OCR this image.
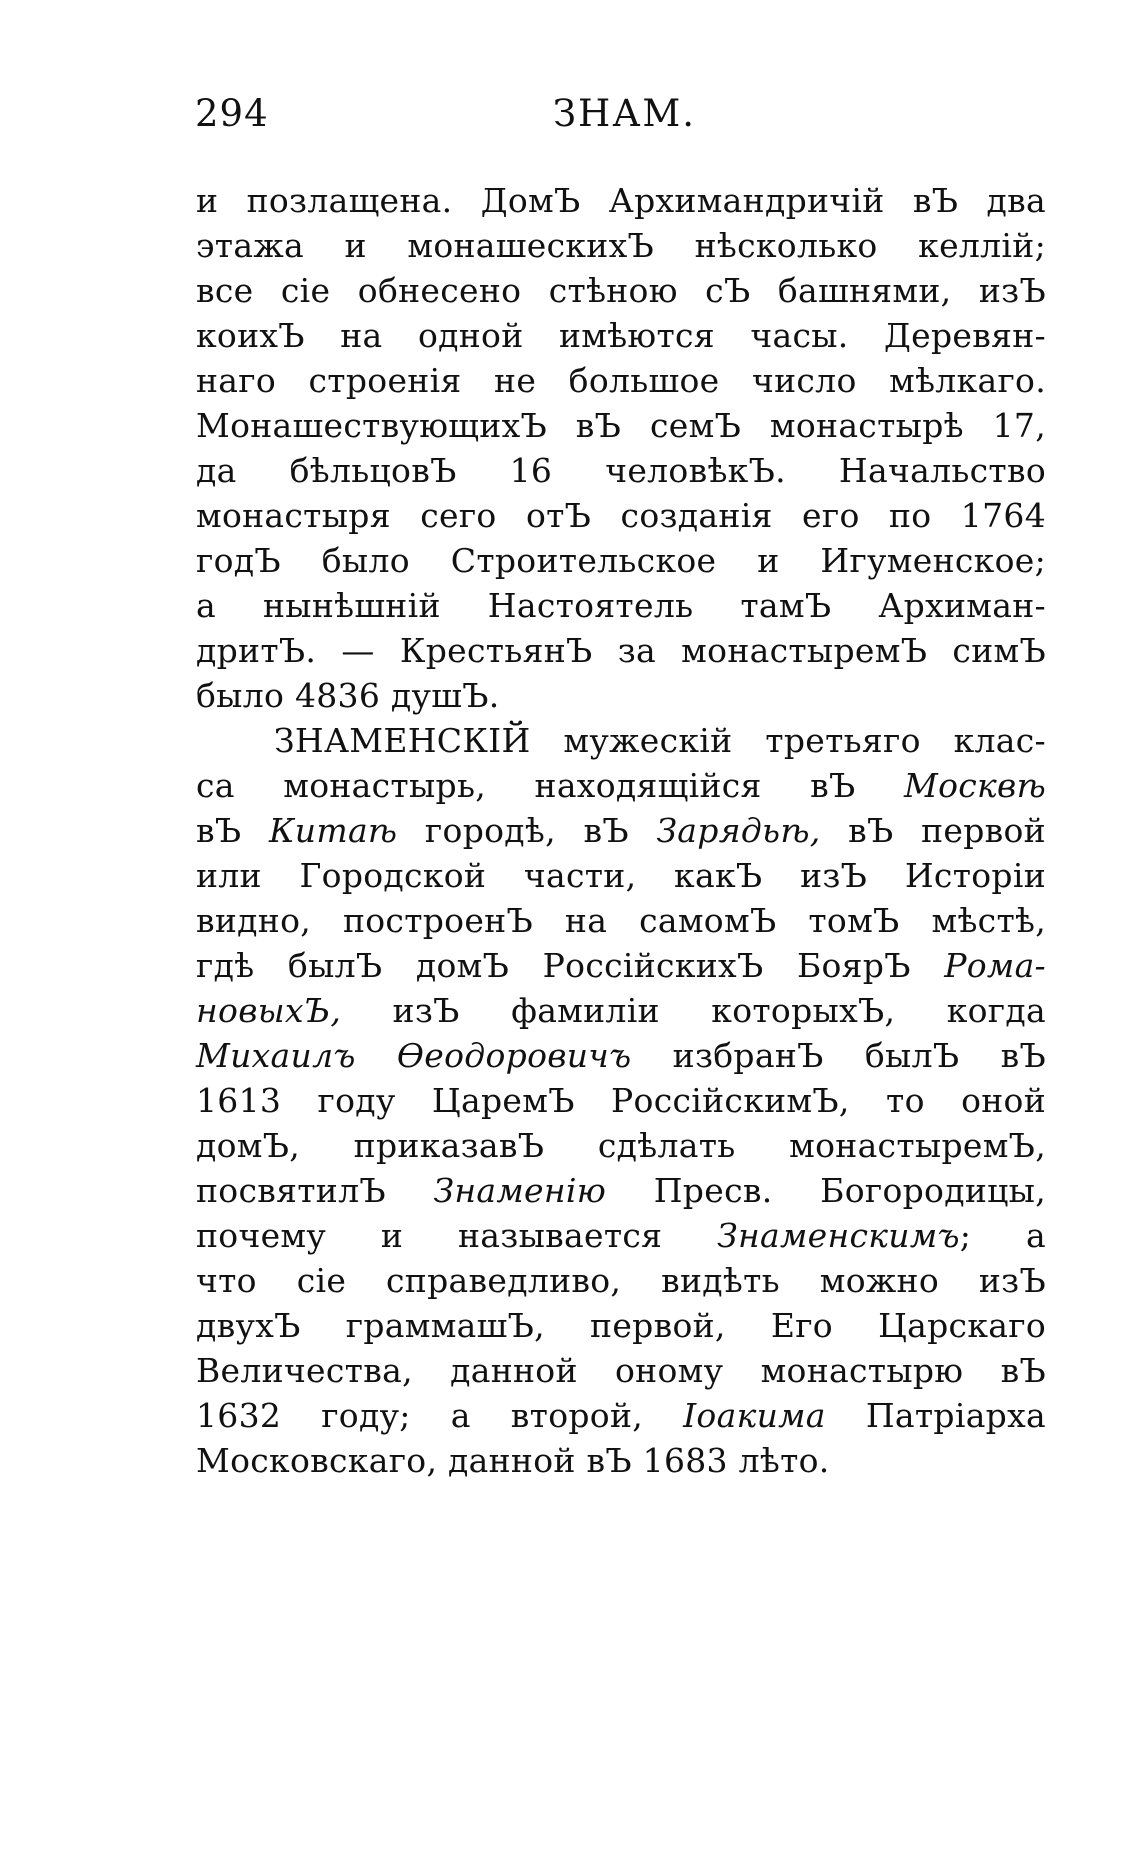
294	ЗНАМ.
и позлащена. ДомЪ Архимандричій вЪ два
этажа и монашескихЪ нѣсколько келлій;
все сіе обнесено стѣною сЪ башнями, изЪ
коихЪ на одной имѣются часы. Деревян-
наго строенія не большое число мѣлкаго.
МонашествующихЪ вЪ семЪ монастырѣ 17,
да бѣльцовЪ 16 человѣкЪ. Начальство
монастыря сего отЪ созданія его по 1764
годЪ было Строительское и Игуменское;
а нынѣшній Настоятель тамЪ Архиман-
дритЪ. — КрестьянЪ за монастыремЪ симЪ
было 4836 душЪ.
ЗНАМЕНСКІЙ мужескій третьяго клас-
са монастырь, находящійся вЪ Москвѣ
вЪ Китаѣ городѣ, вЪ Зарядьѣ, вЪ первой
или Городской части, какЪ изЪ Исторіи
видно, построенЪ на самомЪ томЪ мѣстѣ,
гдѣ былЪ домЪ РоссійскихЪ БоярЪ Рома-
новыхЪ, изЪ фамиліи которыхЪ, когда
Михаилъ Ѳеодоровичъ избранЪ былЪ вЪ
1613 году ЦаремЪ РоссійскимЪ, то оной
домЪ, приказавЪ сдѣлать монастыремЪ,
посвятилЪ Знаменію Пресв. Богородицы,
почему и называется Знаменскимъ; а
что сіе справедливо, видѣть можно изЪ
двухЪ граммашЪ, первой, Его Царскаго
Величества, данной оному монастырю вЪ
1632 году; а второй, Іоакима Патріарха
Московскаго, данной вЪ 1683 лѣто.
